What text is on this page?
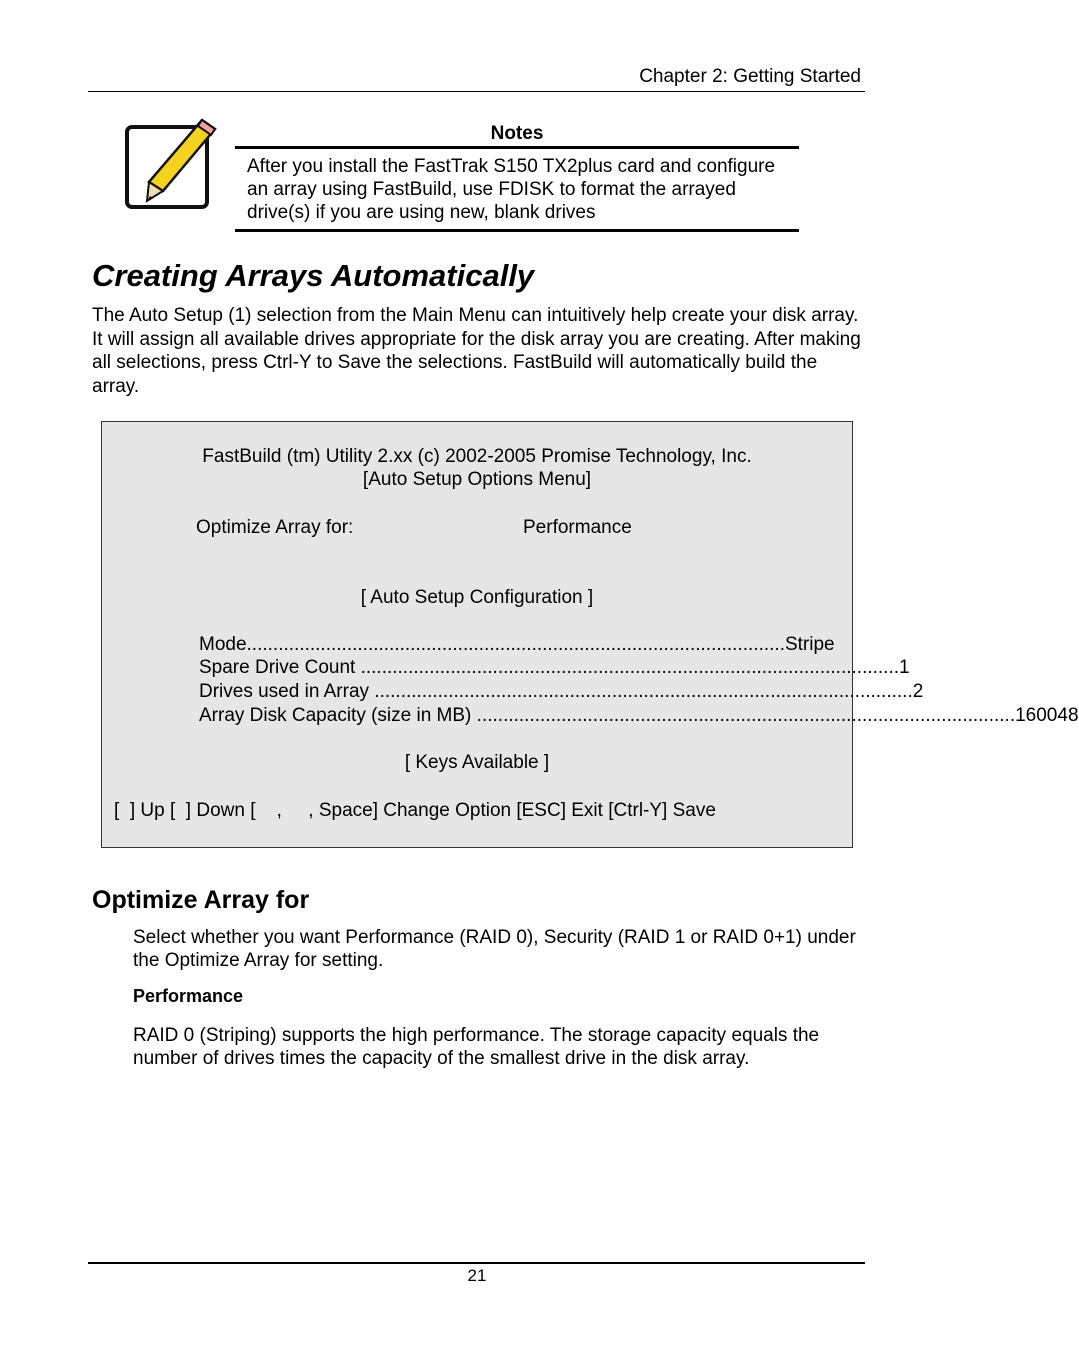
Chapter 2: Getting Started
Notes
After you install the FastTrak S150 TX2plus card and configure an array using FastBuild, use FDISK to format the arrayed drive(s) if you are using new, blank drives
Creating Arrays Automatically
The Auto Setup (1) selection from the Main Menu can intuitively help create your disk array. It will assign all available drives appropriate for the disk array you are creating. After making all selections, press Ctrl-Y to Save the selections. FastBuild will automatically build the array.
FastBuild (tm) Utility 2.xx (c) 2002-2005 Promise Technology, Inc.
[Auto Setup Options Menu]
Optimize Array for:	Performance
[ Auto Setup Configuration ]
Mode ...................................................................................................... Stripe
Spare Drive Count ...................................................................................................... 1
Drives used in Array ...................................................................................................... 2
Array Disk Capacity (size in MB) ...................................................................................................... 160048
[ Keys Available ]
[  ] Up [  ] Down [    ,     , Space] Change Option [ESC] Exit [Ctrl-Y] Save
Optimize Array for
Select whether you want Performance (RAID 0), Security (RAID 1 or RAID 0+1) under the Optimize Array for setting.
Performance
RAID 0 (Striping) supports the high performance. The storage capacity equals the number of drives times the capacity of the smallest drive in the disk array.
21
